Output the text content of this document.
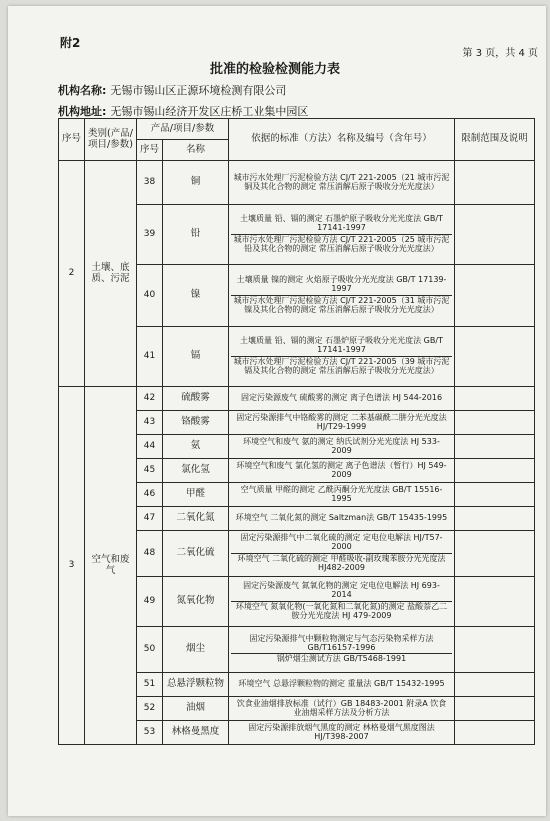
附2
第 3 页，共 4 页
批准的检验检测能力表
机构名称: 无锡市锡山区正源环境检测有限公司
机构地址: 无锡市锡山经济开发区庄桥工业集中园区
序号	类别(产品/项目/参数)	产品/项目/参数		依据的标准（方法）名称及编号（含年号）	限制范围及说明
		序号	名称		
2	土壤、底质、污泥	38	铜	城市污水处理厂污泥检验方法 CJ/T 221-2005（21 城市污泥 铜及其化合物的测定 常压消解后原子吸收分光光度法）	

		39	铅	土壤质量 铅、镉的测定 石墨炉原子吸收分光光度法 GB/T 17141-1997
城市污水处理厂污泥检验方法 CJ/T 221-2005（25 城市污泥 铅及其化合物的测定 常压消解后原子吸收分光光度法）	

		40	镍	土壤质量 镍的测定 火焰原子吸收分光光度法 GB/T 17139-1997
城市污水处理厂污泥检验方法 CJ/T 221-2005（31 城市污泥 镍及其化合物的测定 常压消解后原子吸收分光光度法）	

		41	镉	土壤质量 铅、镉的测定 石墨炉原子吸收分光光度法 GB/T 17141-1997
城市污水处理厂污泥检验方法 CJ/T 221-2005（39 城市污泥 镉及其化合物的测定 常压消解后原子吸收分光光度法）	

3	空气和废气	42	硫酸雾	固定污染源废气 硫酸雾的测定 离子色谱法 HJ 544-2016	

		43	铬酸雾	固定污染源排气中铬酸雾的测定 二苯基碳酰二肼分光光度法 HJ/T29-1999	

		44	氨	环境空气和废气 氨的测定 纳氏试剂分光光度法 HJ 533-2009	

		45	氯化氢	环境空气和废气 氯化氢的测定 离子色谱法（暂行）HJ 549-2009	

		46	甲醛	空气质量 甲醛的测定 乙酰丙酮分光光度法 GB/T 15516-1995	

		47	二氧化氮	环境空气 二氧化氮的测定 Saltzman法 GB/T 15435-1995	

		48	二氧化硫	固定污染源排气中二氧化硫的测定 定电位电解法 HJ/T57-2000
环境空气 二氧化硫的测定 甲醛吸收-副玫瑰苯胺分光光度法 HJ482-2009	

		49	氮氧化物	固定污染源废气 氮氧化物的测定 定电位电解法 HJ 693-2014
环境空气 氮氧化物(一氧化氮和二氧化氮)的测定 盐酸萘乙二胺分光光度法 HJ 479-2009	

		50	烟尘	固定污染源排气中颗粒物测定与气态污染物采样方法 GB/T16157-1996
锅炉烟尘测试方法 GB/T5468-1991	

		51	总悬浮颗粒物	环境空气 总悬浮颗粒物的测定 重量法 GB/T 15432-1995	

		52	油烟	饮食业油烟排放标准（试行）GB 18483-2001 附录A 饮食业油烟采样方法及分析方法	

		53	林格曼黑度	固定污染源排放烟气黑度的测定 林格曼烟气黑度图法 HJ/T398-2007	
